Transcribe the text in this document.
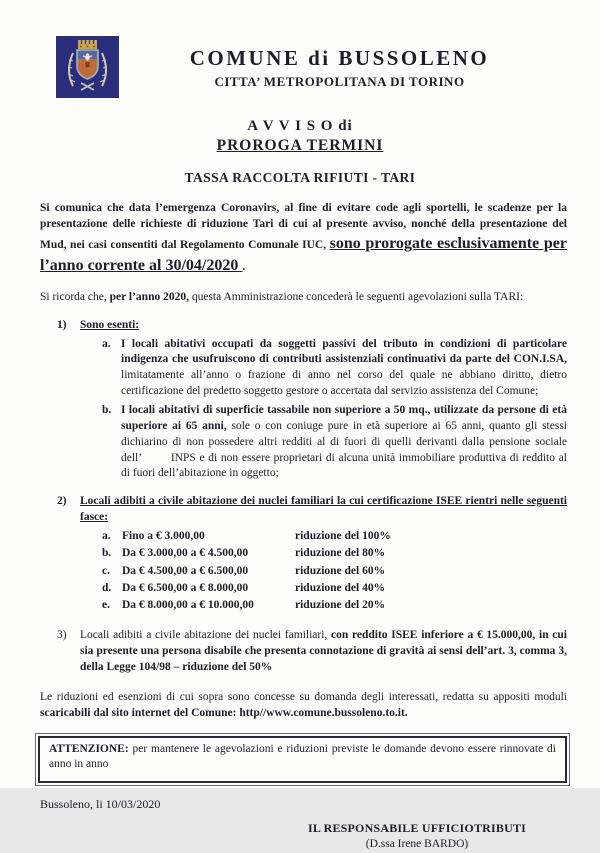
COMUNE di BUSSOLENO
CITTA’ METROPOLITANA DI TORINO
A V V I S O di
PROROGA TERMINI
TASSA RACCOLTA RIFIUTI - TARI

Si comunica che data l’emergenza Coronavirs, al fine di evitare code agli sportelli, le scadenze per la presentazione delle richieste di riduzione Tari di cui al presente avviso, nonché della presentazione del Mud, nei casi consentiti dal Regolamento Comunale IUC, sono prorogate esclusivamente per l’anno corrente al 30/04/2020 .

Si ricorda che, per l’anno 2020, questa Amministrazione concederà le seguenti agevolazioni sulla TARI:

1)	Sono esenti:
a. I locali abitativi occupati da soggetti passivi del tributo in condizioni di particolare indigenza che usufruiscono di contributi assistenziali continuativi da parte del CON.I.SA, limitatamente all’anno o frazione di anno nel corso del quale ne abbiano diritto, dietro certificazione del predetto soggetto gestore o accertata dal servizio assistenza del Comune;
b. I locali abitativi di superficie tassabile non superiore a 50 mq., utilizzate da persone di età superiore ai 65 anni, sole o con coniuge pure in età superiore ai 65 anni, quanto gli stessi dichiarino di non possedere altri redditi al di fuori di quelli derivanti dalla pensione sociale dell’   INPS e di non essere proprietari di alcuna unità immobiliare produttiva di reddito al di fuori dell’abitazione in oggetto;
2)	Locali adibiti a civile abitazione dei nuclei familiari la cui certificazione ISEE rientri nelle seguenti fasce:
a. Fino a € 3.000,00	riduzione del 100%
b. Da € 3.000,00 a € 4.500,00	riduzione del 80%
c.	Da € 4.500,00 a € 6.500,00	riduzione del 60%
d. Da € 6.500,00 a € 8.000,00	riduzione del 40%
e.	Da € 8.000,00 a € 10.000,00	riduzione del 20%
3)	Locali adibiti a civile abitazione dei nuclei familiari, con reddito ISEE inferiore a € 15.000,00, in cui sia presente una persona disabile che presenta connotazione di gravità ai sensi dell’art. 3, comma 3, della Legge 104/98 – riduzione del 50%

Le riduzioni ed esenzioni di cui sopra sono concesse su domanda degli interessati, redatta su appositi moduli scaricabili dal sito internet del Comune: http//www.comune.bussoleno.to.it.

ATTENZIONE: per mantenere le agevolazioni e riduzioni previste le domande devono essere rinnovate di anno in anno
Bussoleno, li 10/03/2020
IL RESPONSABILE UFFICIOTRIBUTI
(D.ssa Irene BARDO)
